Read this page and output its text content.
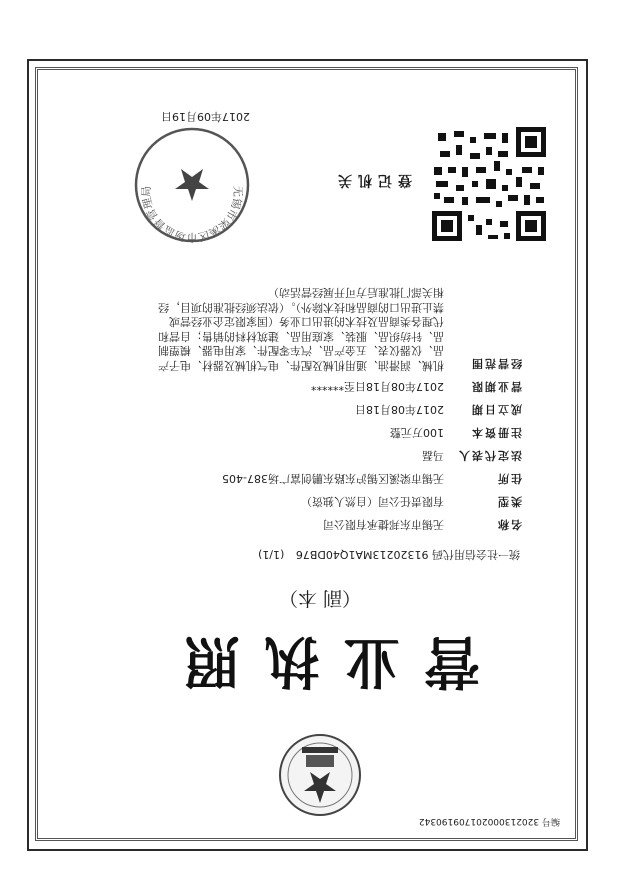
编号 320213000201709190342
营业执照
（副 本）
统一社会信用代码 91320213MA1Q40DB76 (1/1)
名称
无锡市东邦捷承有限公司
类型
有限责任公司（自然人独资）
住所
无锡市梁溪区锡沪东路东鹏创富广场387-405
法定代表人
马磊
注册资本
100万元整
成立日期
2017年08月18日
营业期限
2017年08月18日至******
经营范围
机械、润滑油、通用机械及配件、电气机械及器材、电子产
品、仪器仪表、五金产品、汽车零配件、家用电器、模塑制
品、针纺织品、服装、家庭用品、建筑材料的销售；自营和
代理各类商品及技术的进出口业务（国家限定企业经营或
禁止进出口的商品和技术除外）。（依法须经批准的项目，经
相关部门批准后方可开展经营活动）
登记机关
无锡市梁溪区市场监督管理局
2017年09月19日
